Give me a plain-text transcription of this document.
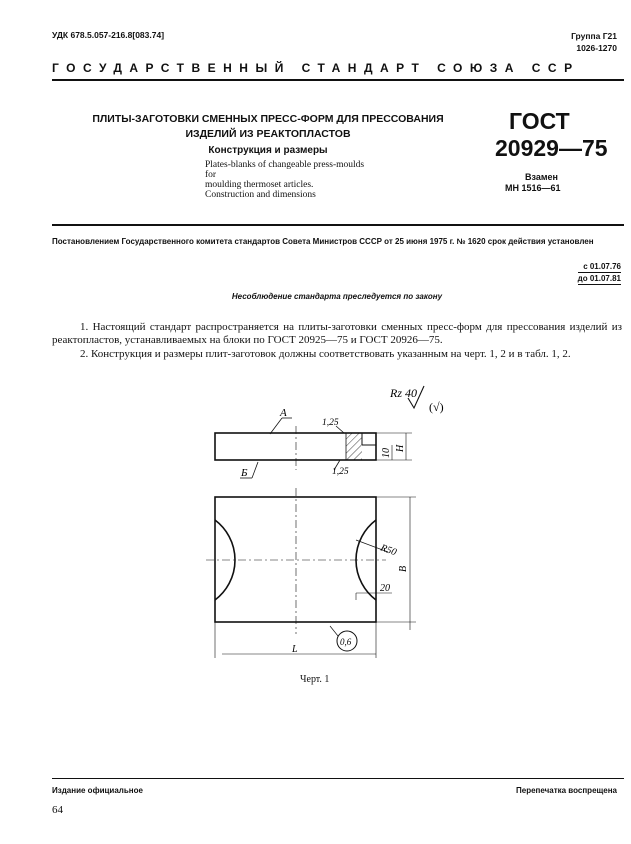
УДК 678.5.057-216.8[083.74]	Группа Г21
1026-1270
ГОСУДАРСТВЕННЫЙ СТАНДАРТ СОЮЗА ССР
ПЛИТЫ-ЗАГОТОВКИ СМЕННЫХ ПРЕСС-ФОРМ ДЛЯ ПРЕССОВАНИЯ
ИЗДЕЛИЙ ИЗ РЕАКТОПЛАСТОВ
Конструкция и размеры
Plates-blanks of changeable press-moulds for
moulding thermoset articles.
Construction and dimensions
ГОСТ
20929—75
Взамен
МН 1516—61
Постановлением Государственного комитета стандартов Совета Министров СССР от 25 июня 1975 г. № 1620 срок действия установлен
с 01.07.76
до 01.07.81
Несоблюдение стандарта преследуется по закону
1. Настоящий стандарт распространяется на плиты-заготовки сменных пресс-форм для прессования изделий из реактопластов, устанавливаемых на блоки по ГОСТ 20925—75 и ГОСТ 20926—75.
2. Конструкция и размеры плит-заготовок должны соответствовать указанным на черт. 1, 2 и в табл. 1, 2.
Rz 40
(√)
А
Б
1,25
1,25
10 H
R50
20
B
0,6
L
Черт. 1
Издание официальное	Перепечатка воспрещена
64
